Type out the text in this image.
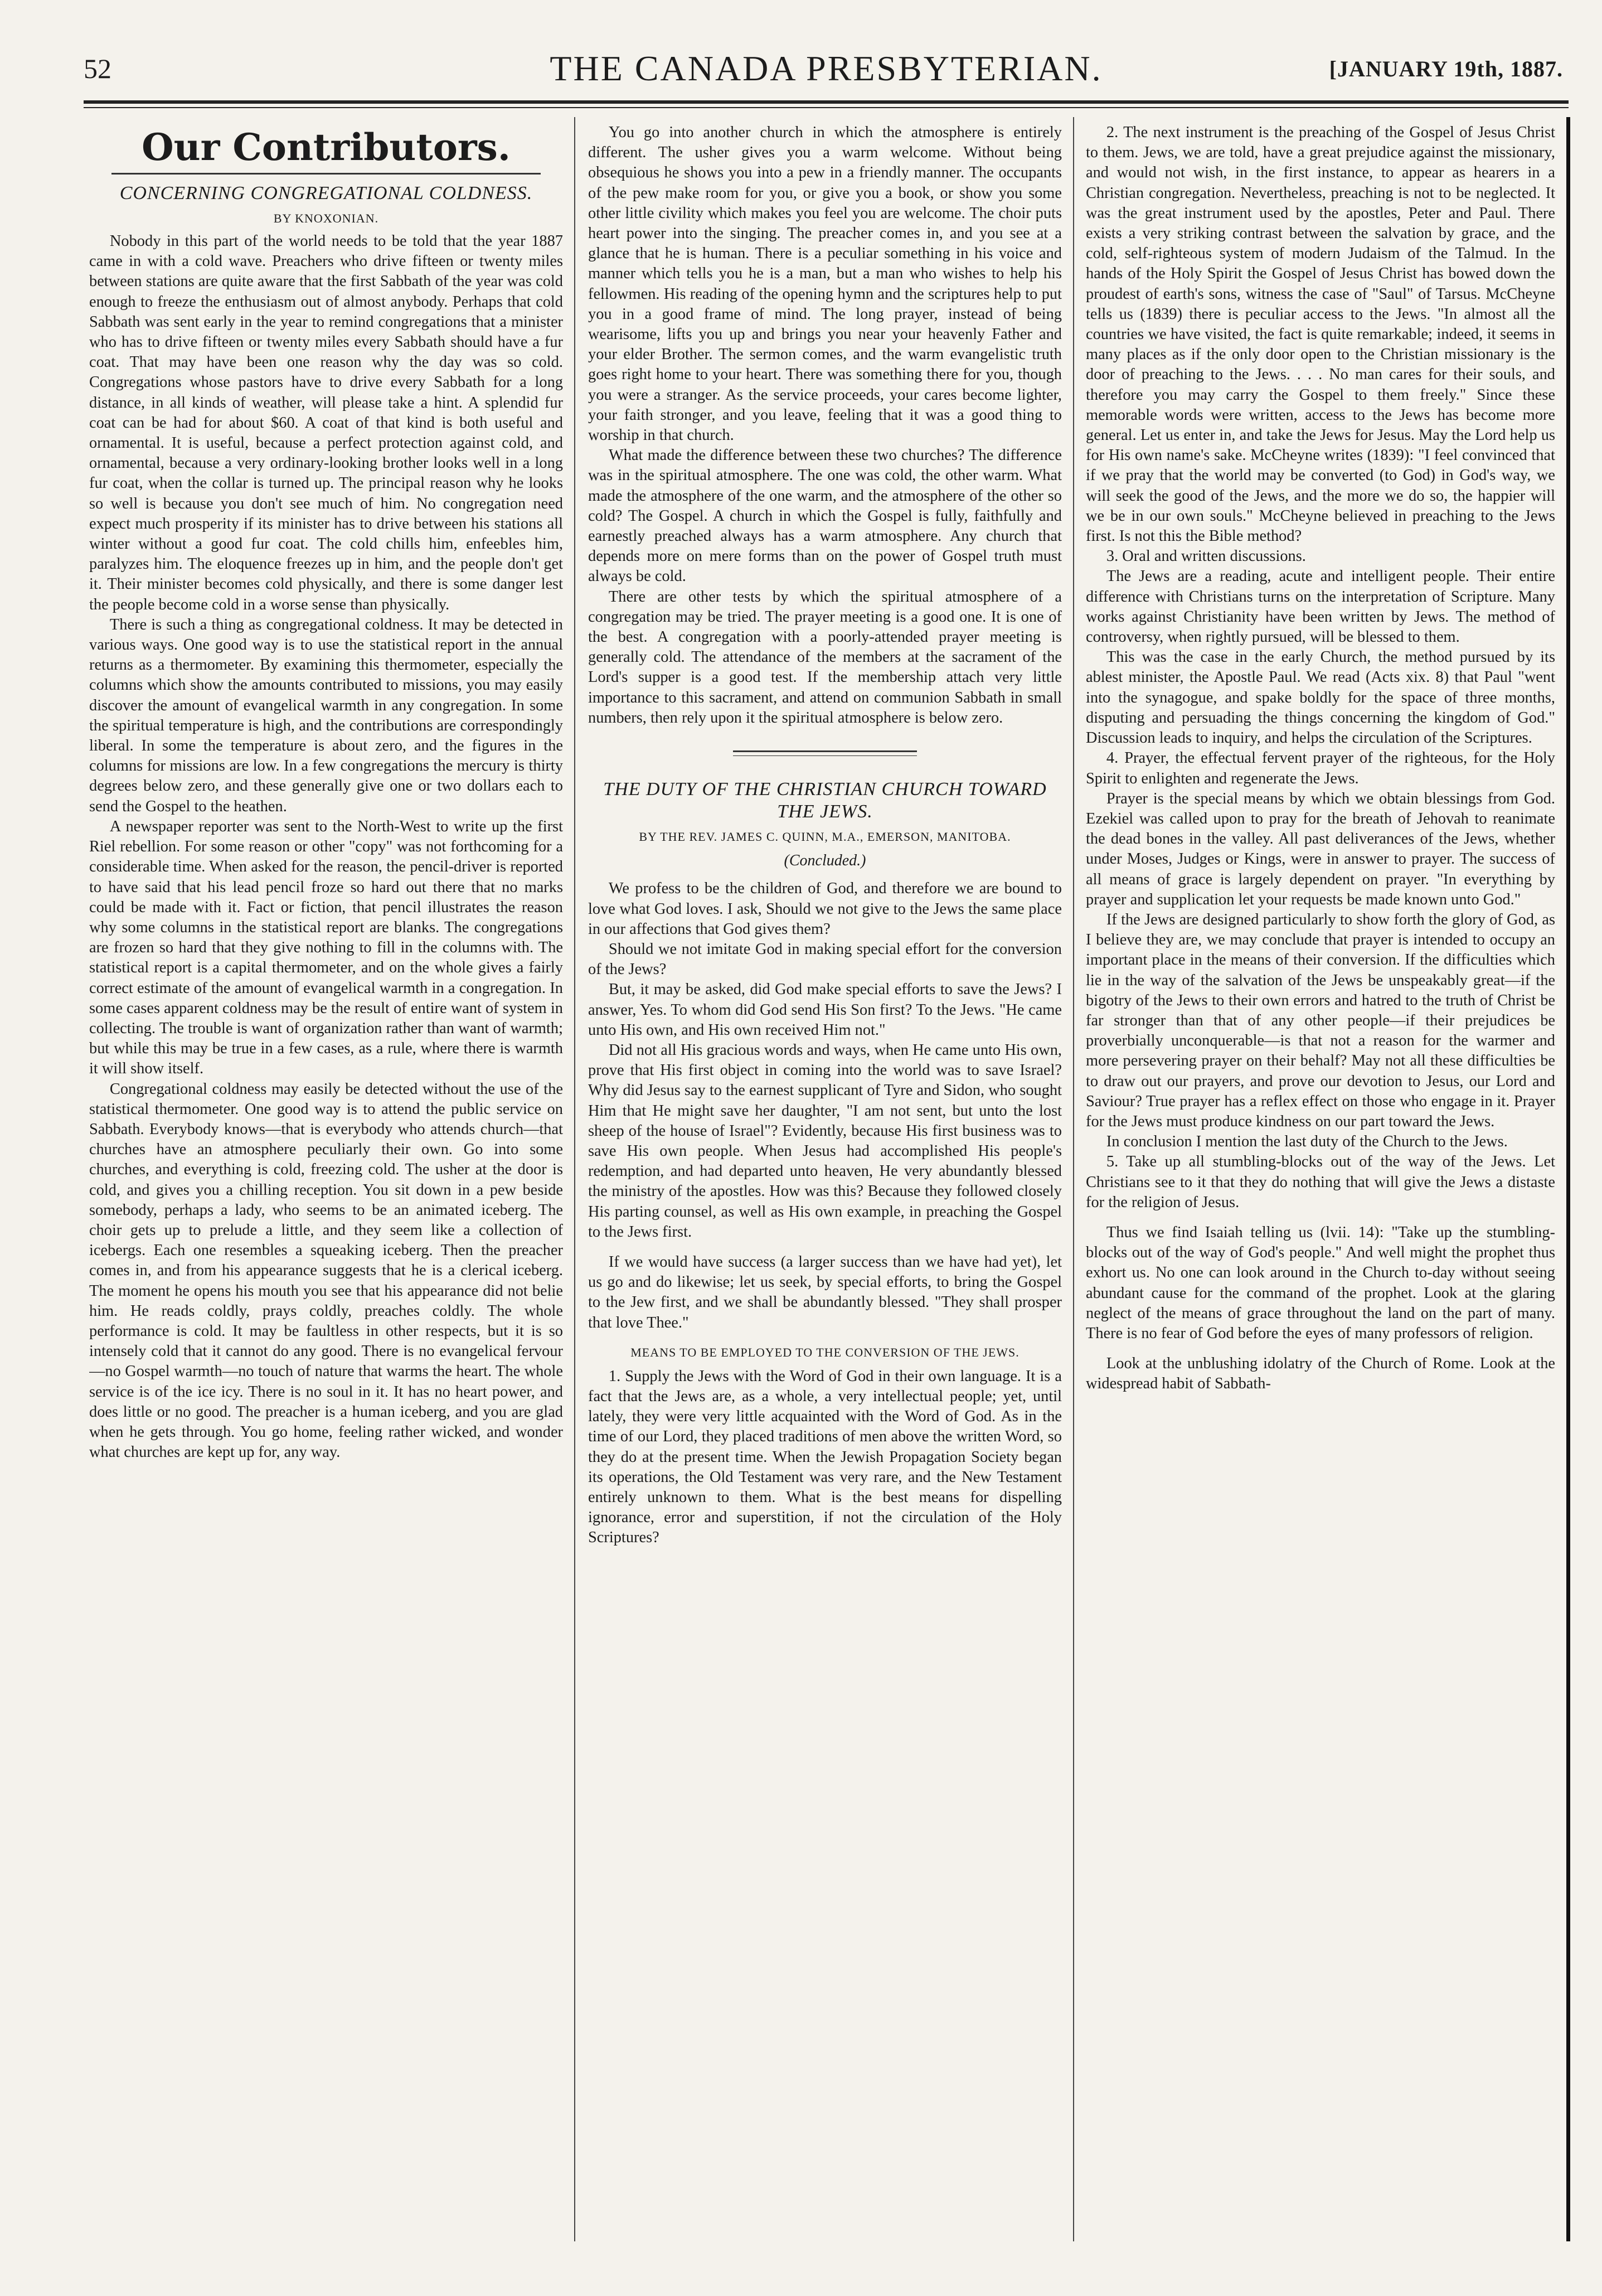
52	THE CANADA PRESBYTERIAN.	[JANUARY 19th, 1887.
Our Contributors.
CONCERNING CONGREGATIONAL COLDNESS.
BY KNOXONIAN.

Nobody in this part of the world needs to be told that the year 1887 came in with a cold wave. Preachers who drive fifteen or twenty miles between stations are quite aware that the first Sabbath of the year was cold enough to freeze the enthusiasm out of almost anybody. Perhaps that cold Sabbath was sent early in the year to remind congregations that a minister who has to drive fifteen or twenty miles every Sabbath should have a fur coat. That may have been one reason why the day was so cold. Congregations whose pastors have to drive every Sabbath for a long distance, in all kinds of weather, will please take a hint. A splendid fur coat can be had for about $60. A coat of that kind is both useful and ornamental. It is useful, because a perfect protection against cold, and ornamental, because a very ordinary-looking brother looks well in a long fur coat, when the collar is turned up. The principal reason why he looks so well is because you don't see much of him. No congregation need expect much prosperity if its minister has to drive between his stations all winter without a good fur coat. The cold chills him, enfeebles him, paralyzes him. The eloquence freezes up in him, and the people don't get it. Their minister becomes cold physically, and there is some danger lest the people become cold in a worse sense than physically.

There is such a thing as congregational coldness. It may be detected in various ways. One good way is to use the statistical report in the annual returns as a thermometer. By examining this thermometer, especially the columns which show the amounts contributed to missions, you may easily discover the amount of evangelical warmth in any congregation. In some the spiritual temperature is high, and the contributions are correspondingly liberal. In some the temperature is about zero, and the figures in the columns for missions are low. In a few congregations the mercury is thirty degrees below zero, and these generally give one or two dollars each to send the Gospel to the heathen.

A newspaper reporter was sent to the North-West to write up the first Riel rebellion. For some reason or other "copy" was not forthcoming for a considerable time. When asked for the reason, the pencil-driver is reported to have said that his lead pencil froze so hard out there that no marks could be made with it. Fact or fiction, that pencil illustrates the reason why some columns in the statistical report are blanks. The congregations are frozen so hard that they give nothing to fill in the columns with. The statistical report is a capital thermometer, and on the whole gives a fairly correct estimate of the amount of evangelical warmth in a congregation. In some cases apparent coldness may be the result of entire want of system in collecting. The trouble is want of organization rather than want of warmth; but while this may be true in a few cases, as a rule, where there is warmth it will show itself.

Congregational coldness may easily be detected without the use of the statistical thermometer. One good way is to attend the public service on Sabbath. Everybody knows—that is everybody who attends church—that churches have an atmosphere peculiarly their own. Go into some churches, and everything is cold, freezing cold. The usher at the door is cold, and gives you a chilling reception. You sit down in a pew beside somebody, perhaps a lady, who seems to be an animated iceberg. The choir gets up to prelude a little, and they seem like a collection of icebergs. Each one resembles a squeaking iceberg. Then the preacher comes in, and from his appearance suggests that he is a clerical iceberg. The moment he opens his mouth you see that his appearance did not belie him. He reads coldly, prays coldly, preaches coldly. The whole performance is cold. It may be faultless in other respects, but it is so intensely cold that it cannot do any good. There is no evangelical fervour—no Gospel warmth—no touch of nature that warms the heart. The whole service is of the ice icy. There is no soul in it. It has no heart power, and does little or no good. The preacher is a human iceberg, and you are glad when he gets through. You go home, feeling rather wicked, and wonder what churches are kept up for, any way.

You go into another church in which the atmosphere is entirely different. The usher gives you a warm welcome. Without being obsequious he shows you into a pew in a friendly manner. The occupants of the pew make room for you, or give you a book, or show you some other little civility which makes you feel you are welcome. The choir puts heart power into the singing. The preacher comes in, and you see at a glance that he is human. There is a peculiar something in his voice and manner which tells you he is a man, but a man who wishes to help his fellowmen. His reading of the opening hymn and the scriptures help to put you in a good frame of mind. The long prayer, instead of being wearisome, lifts you up and brings you near your heavenly Father and your elder Brother. The sermon comes, and the warm evangelistic truth goes right home to your heart. There was something there for you, though you were a stranger. As the service proceeds, your cares become lighter, your faith stronger, and you leave, feeling that it was a good thing to worship in that church.

What made the difference between these two churches? The difference was in the spiritual atmosphere. The one was cold, the other warm. What made the atmosphere of the one warm, and the atmosphere of the other so cold? The Gospel. A church in which the Gospel is fully, faithfully and earnestly preached always has a warm atmosphere. Any church that depends more on mere forms than on the power of Gospel truth must always be cold.

There are other tests by which the spiritual atmosphere of a congregation may be tried. The prayer meeting is a good one. It is one of the best. A congregation with a poorly-attended prayer meeting is generally cold. The attendance of the members at the sacrament of the Lord's supper is a good test. If the membership attach very little importance to this sacrament, and attend on communion Sabbath in small numbers, then rely upon it the spiritual atmosphere is below zero.

THE DUTY OF THE CHRISTIAN CHURCH TOWARD THE JEWS.
BY THE REV. JAMES C. QUINN, M.A., EMERSON, MANITOBA.
(Concluded.)

We profess to be the children of God, and therefore we are bound to love what God loves. I ask, Should we not give to the Jews the same place in our affections that God gives them?

Should we not imitate God in making special effort for the conversion of the Jews?

But, it may be asked, did God make special efforts to save the Jews? I answer, Yes. To whom did God send His Son first? To the Jews. "He came unto His own, and His own received Him not."

Did not all His gracious words and ways, when He came unto His own, prove that His first object in coming into the world was to save Israel? Why did Jesus say to the earnest supplicant of Tyre and Sidon, who sought Him that He might save her daughter, "I am not sent, but unto the lost sheep of the house of Israel"? Evidently, because His first business was to save His own people. When Jesus had accomplished His people's redemption, and had departed unto heaven, He very abundantly blessed the ministry of the apostles. How was this? Because they followed closely His parting counsel, as well as His own example, in preaching the Gospel to the Jews first.

If we would have success (a larger success than we have had yet), let us go and do likewise; let us seek, by special efforts, to bring the Gospel to the Jew first, and we shall be abundantly blessed. "They shall prosper that love Thee."

MEANS TO BE EMPLOYED TO THE CONVERSION OF THE JEWS.

1. Supply the Jews with the Word of God in their own language. It is a fact that the Jews are, as a whole, a very intellectual people; yet, until lately, they were very little acquainted with the Word of God. As in the time of our Lord, they placed traditions of men above the written Word, so they do at the present time. When the Jewish Propagation Society began its operations, the Old Testament was very rare, and the New Testament entirely unknown to them. What is the best means for dispelling ignorance, error and superstition, if not the circulation of the Holy Scriptures?

2. The next instrument is the preaching of the Gospel of Jesus Christ to them. Jews, we are told, have a great prejudice against the missionary, and would not wish, in the first instance, to appear as hearers in a Christian congregation. Nevertheless, preaching is not to be neglected. It was the great instrument used by the apostles, Peter and Paul. There exists a very striking contrast between the salvation by grace, and the cold, self-righteous system of modern Judaism of the Talmud. In the hands of the Holy Spirit the Gospel of Jesus Christ has bowed down the proudest of earth's sons, witness the case of "Saul" of Tarsus. McCheyne tells us (1839) there is peculiar access to the Jews. "In almost all the countries we have visited, the fact is quite remarkable; indeed, it seems in many places as if the only door open to the Christian missionary is the door of preaching to the Jews. . . . No man cares for their souls, and therefore you may carry the Gospel to them freely." Since these memorable words were written, access to the Jews has become more general. Let us enter in, and take the Jews for Jesus. May the Lord help us for His own name's sake. McCheyne writes (1839): "I feel convinced that if we pray that the world may be converted (to God) in God's way, we will seek the good of the Jews, and the more we do so, the happier will we be in our own souls." McCheyne believed in preaching to the Jews first. Is not this the Bible method?

3. Oral and written discussions.

The Jews are a reading, acute and intelligent people. Their entire difference with Christians turns on the interpretation of Scripture. Many works against Christianity have been written by Jews. The method of controversy, when rightly pursued, will be blessed to them.

This was the case in the early Church, the method pursued by its ablest minister, the Apostle Paul. We read (Acts xix. 8) that Paul "went into the synagogue, and spake boldly for the space of three months, disputing and persuading the things concerning the kingdom of God." Discussion leads to inquiry, and helps the circulation of the Scriptures.

4. Prayer, the effectual fervent prayer of the righteous, for the Holy Spirit to enlighten and regenerate the Jews.

Prayer is the special means by which we obtain blessings from God. Ezekiel was called upon to pray for the breath of Jehovah to reanimate the dead bones in the valley. All past deliverances of the Jews, whether under Moses, Judges or Kings, were in answer to prayer. The success of all means of grace is largely dependent on prayer. "In everything by prayer and supplication let your requests be made known unto God."

If the Jews are designed particularly to show forth the glory of God, as I believe they are, we may conclude that prayer is intended to occupy an important place in the means of their conversion. If the difficulties which lie in the way of the salvation of the Jews be unspeakably great—if the bigotry of the Jews to their own errors and hatred to the truth of Christ be far stronger than that of any other people—if their prejudices be proverbially unconquerable—is that not a reason for the warmer and more persevering prayer on their behalf? May not all these difficulties be to draw out our prayers, and prove our devotion to Jesus, our Lord and Saviour? True prayer has a reflex effect on those who engage in it. Prayer for the Jews must produce kindness on our part toward the Jews.

In conclusion I mention the last duty of the Church to the Jews.

5. Take up all stumbling-blocks out of the way of the Jews. Let Christians see to it that they do nothing that will give the Jews a distaste for the religion of Jesus.

Thus we find Isaiah telling us (lvii. 14): "Take up the stumbling-blocks out of the way of God's people." And well might the prophet thus exhort us. No one can look around in the Church to-day without seeing abundant cause for the command of the prophet. Look at the glaring neglect of the means of grace throughout the land on the part of many. There is no fear of God before the eyes of many professors of religion.

Look at the unblushing idolatry of the Church of Rome. Look at the widespread habit of Sabbath-
